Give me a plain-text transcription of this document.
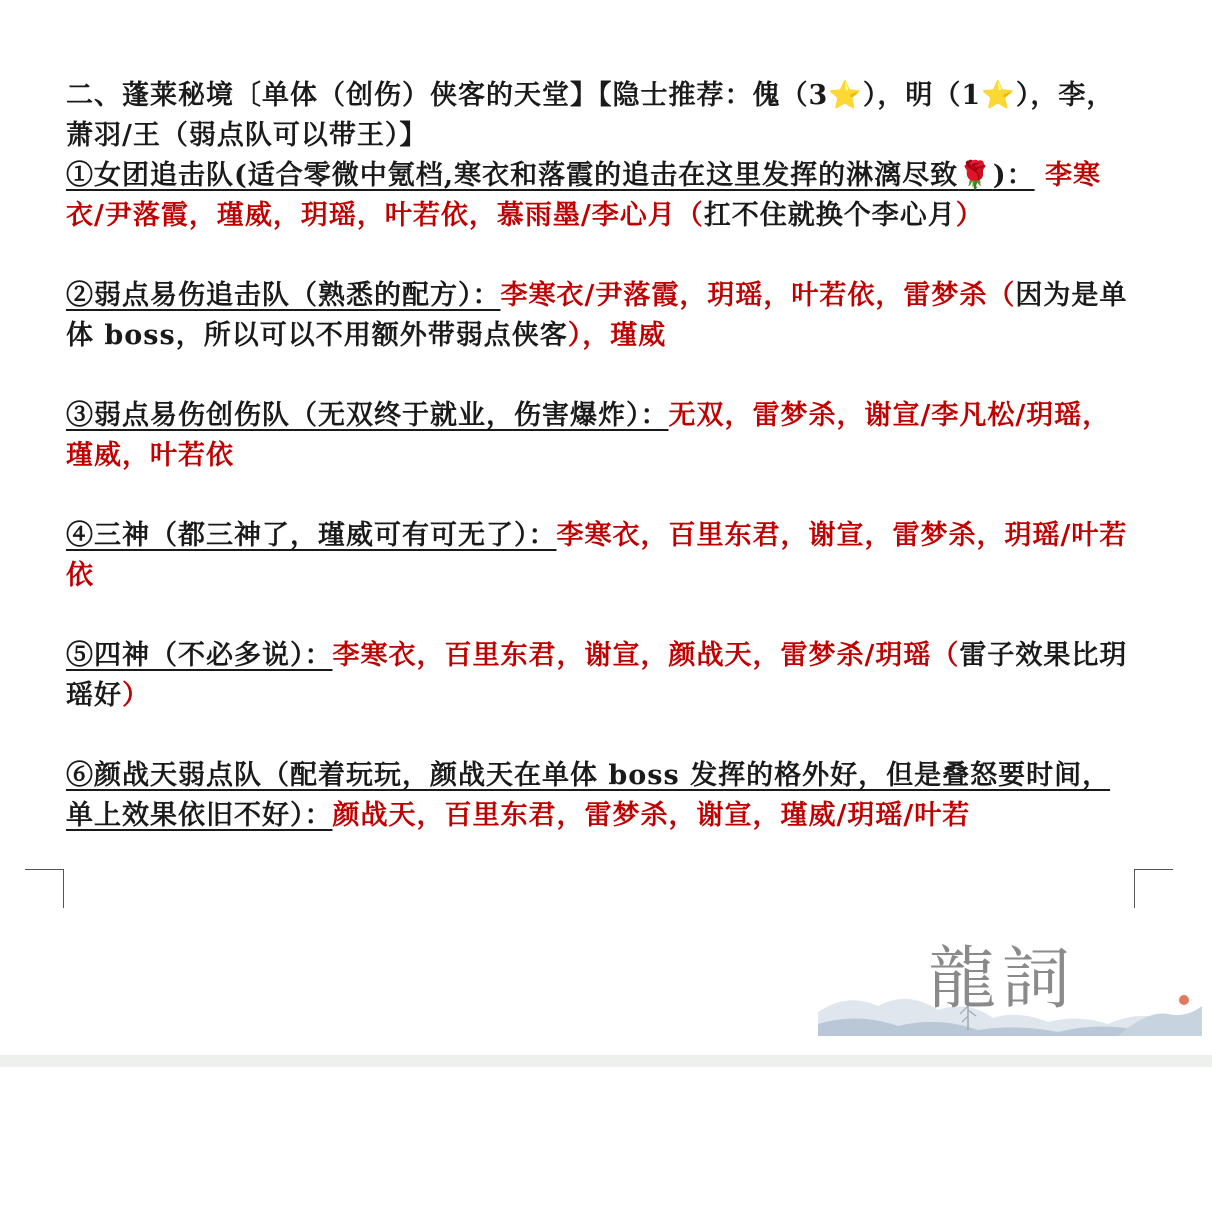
二、蓬莱秘境〔单体（创伤）侠客的天堂】【隐士推荐：傀（3⭐），明（1⭐），李，萧羽/王（弱点队可以带王）】

①女团追击队(适合零微中氪档,寒衣和落霞的追击在这里发挥的淋漓尽致🌹)： 李寒衣/尹落霞，瑾威，玥瑶，叶若依，慕雨墨/李心月（扛不住就换个李心月）

②弱点易伤追击队（熟悉的配方）：李寒衣/尹落霞，玥瑶，叶若依，雷梦杀（因为是单体 boss，所以可以不用额外带弱点侠客），瑾威

③弱点易伤创伤队（无双终于就业，伤害爆炸）：无双，雷梦杀，谢宣/李凡松/玥瑶，瑾威，叶若依

④三神（都三神了，瑾威可有可无了）：李寒衣，百里东君，谢宣，雷梦杀，玥瑶/叶若依

⑤四神（不必多说）：李寒衣，百里东君，谢宣，颜战天，雷梦杀/玥瑶（雷子效果比玥瑶好）

⑥颜战天弱点队（配着玩玩，颜战天在单体 boss 发挥的格外好，但是叠怒要时间，单上效果依旧不好）：颜战天，百里东君，雷梦杀，谢宣，瑾威/玥瑶/叶若

龍詞
